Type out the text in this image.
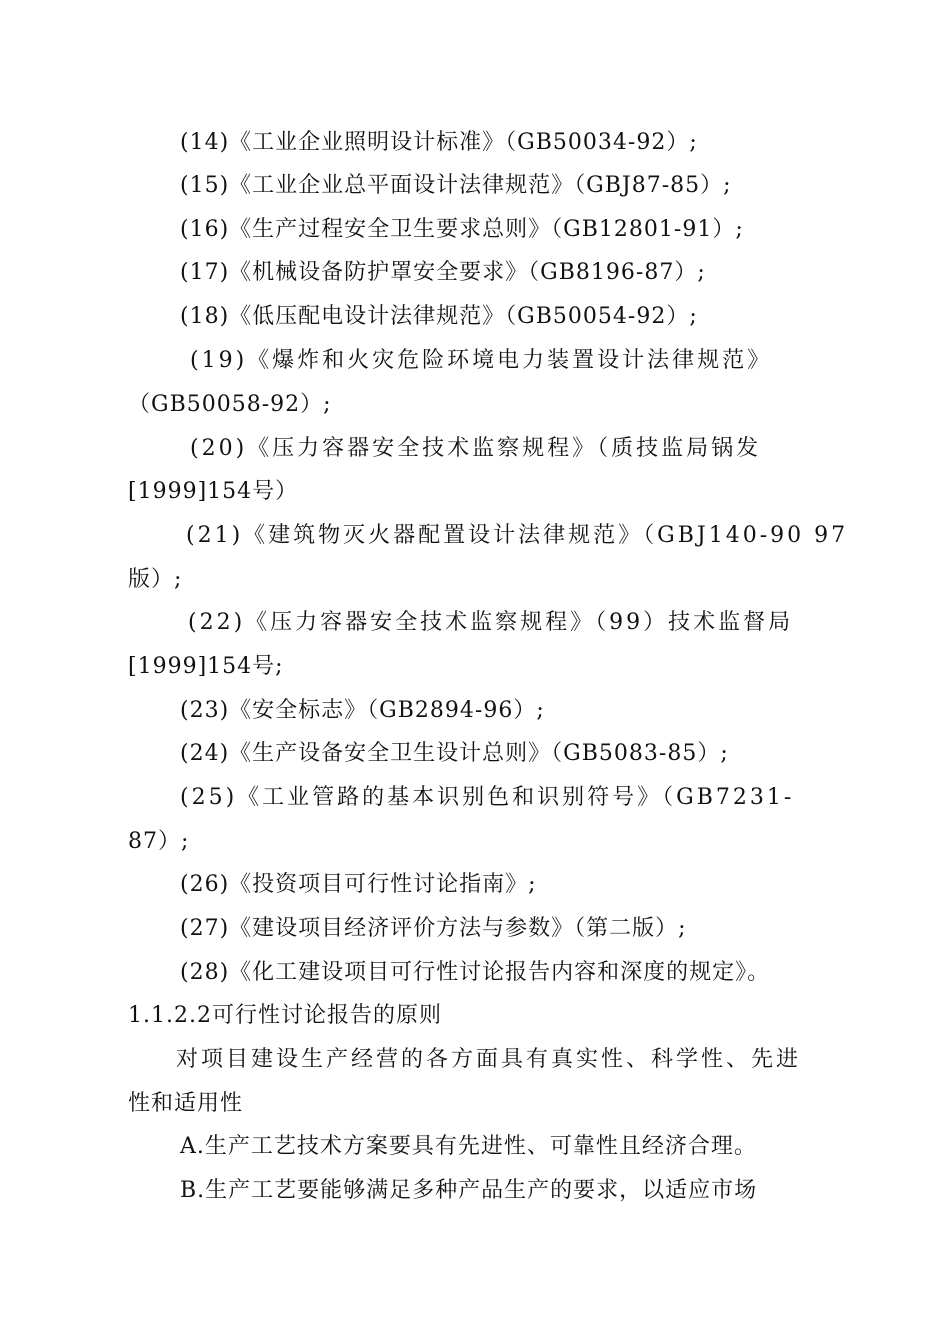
(14)《工业企业照明设计标准》（GB50034-92）;
(15)《工业企业总平面设计法律规范》（GBJ87-85）;
(16)《生产过程安全卫生要求总则》（GB12801-91）;
(17)《机械设备防护罩安全要求》（GB8196-87）;
(18)《低压配电设计法律规范》（GB50054-92）;
(19)《爆炸和火灾危险环境电力装置设计法律规范》
（GB50058-92）;
(20)《压力容器安全技术监察规程》（质技监局锅发
[1999]154号）
(21)《建筑物灭火器配置设计法律规范》（GBJ140-90 97
版）;
(22)《压力容器安全技术监察规程》（99）技术监督局
[1999]154号;
(23)《安全标志》（GB2894-96）;
(24)《生产设备安全卫生设计总则》（GB5083-85）;
(25)《工业管路的基本识别色和识别符号》（GB7231-
87）;
(26)《投资项目可行性讨论指南》;
(27)《建设项目经济评价方法与参数》（第二版）;
(28)《化工建设项目可行性讨论报告内容和深度的规定》。
1.1.2.2可行性讨论报告的原则
对项目建设生产经营的各方面具有真实性、科学性、先进
性和适用性
A.生产工艺技术方案要具有先进性、可靠性且经济合理。
B.生产工艺要能够满足多种产品生产的要求，以适应市场
